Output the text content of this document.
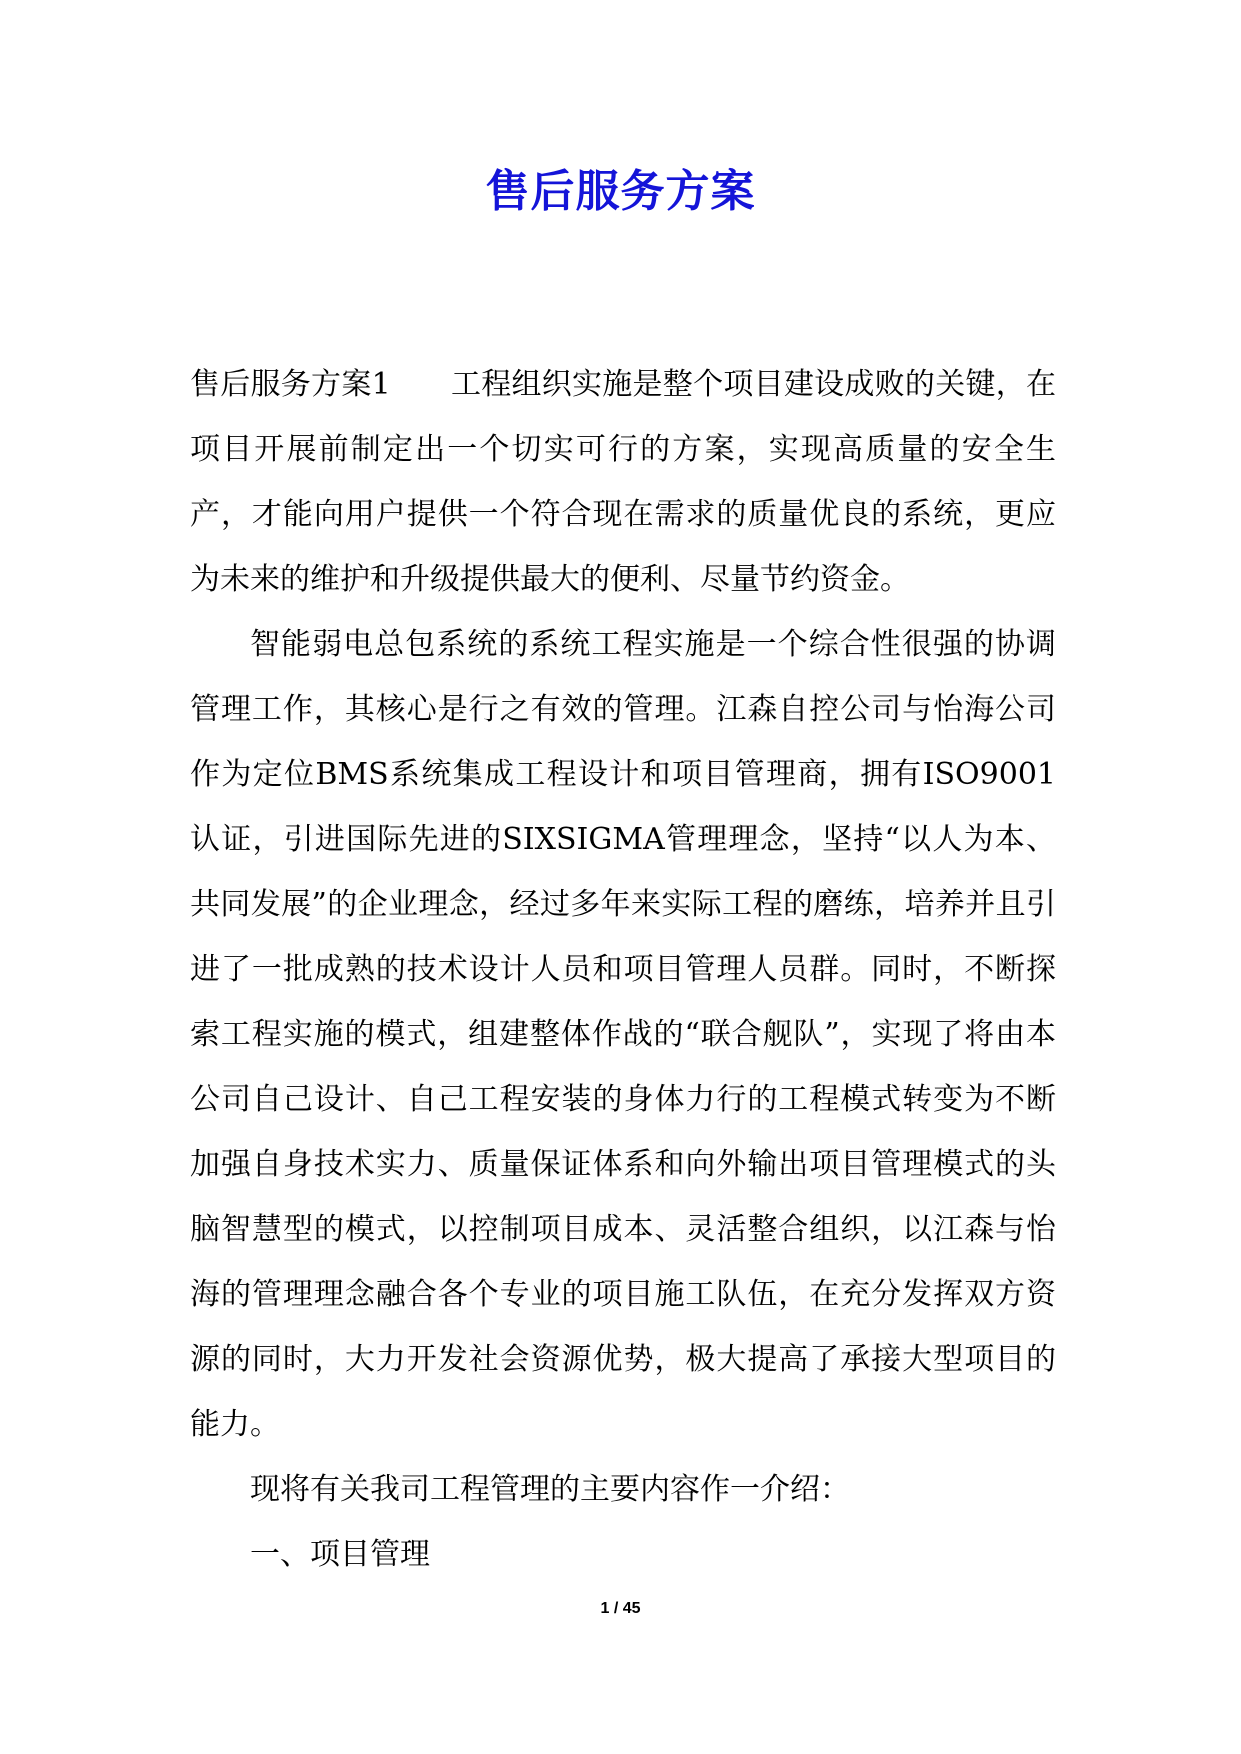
售后服务方案

售后服务方案1 工程组织实施是整个项目建设成败的关键，在项目开展前制定出一个切实可行的方案，实现高质量的安全生产，才能向用户提供一个符合现在需求的质量优良的系统，更应为未来的维护和升级提供最大的便利、尽量节约资金。

智能弱电总包系统的系统工程实施是一个综合性很强的协调管理工作，其核心是行之有效的管理。江森自控公司与怡海公司作为定位BMS系统集成工程设计和项目管理商，拥有ISO9001认证，引进国际先进的SIXSIGMA管理理念，坚持“以人为本、共同发展”的企业理念，经过多年来实际工程的磨练，培养并且引进了一批成熟的技术设计人员和项目管理人员群。同时，不断探索工程实施的模式，组建整体作战的“联合舰队”，实现了将由本公司自己设计、自己工程安装的身体力行的工程模式转变为不断加强自身技术实力、质量保证体系和向外输出项目管理模式的头脑智慧型的模式，以控制项目成本、灵活整合组织，以江森与怡海的管理理念融合各个专业的项目施工队伍，在充分发挥双方资源的同时，大力开发社会资源优势，极大提高了承接大型项目的能力。

现将有关我司工程管理的主要内容作一介绍：

一、项目管理

1 / 45
